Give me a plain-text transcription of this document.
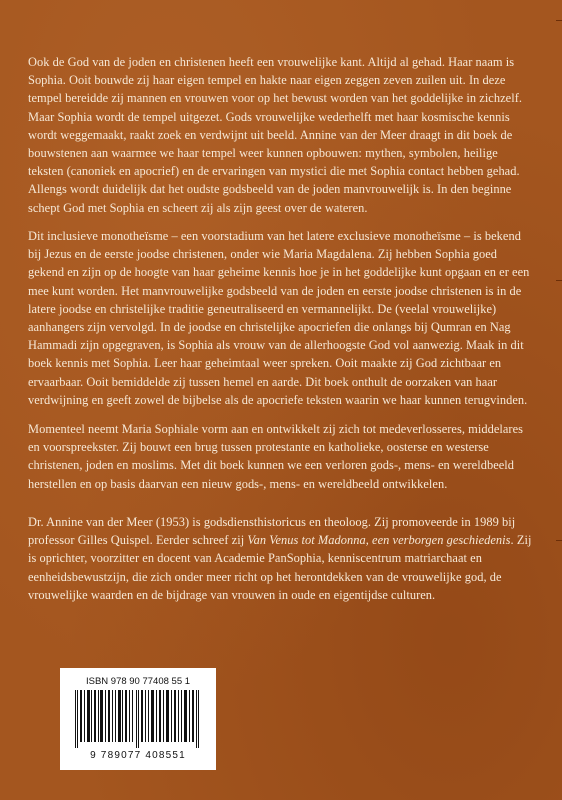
Ook de God van de joden en christenen heeft een vrouwelijke kant. Altijd al gehad. Haar naam is Sophia. Ooit bouwde zij haar eigen tempel en hakte naar eigen zeggen zeven zuilen uit. In deze tempel bereidde zij mannen en vrouwen voor op het bewust worden van het goddelijke in zichzelf. Maar Sophia wordt de tempel uitgezet. Gods vrouwelijke wederhelft met haar kosmische kennis wordt weggemaakt, raakt zoek en verdwijnt uit beeld. Annine van der Meer draagt in dit boek de bouwstenen aan waarmee we haar tempel weer kunnen opbouwen: mythen, symbolen, heilige teksten (canoniek en apocrief) en de ervaringen van mystici die met Sophia contact hebben gehad. Allengs wordt duidelijk dat het oudste godsbeeld van de joden manvrouwelijk is. In den beginne schept God met Sophia en scheert zij als zijn geest over de wateren.

Dit inclusieve monotheïsme – een voorstadium van het latere exclusieve monotheïsme – is bekend bij Jezus en de eerste joodse christenen, onder wie Maria Magdalena. Zij hebben Sophia goed gekend en zijn op de hoogte van haar geheime kennis hoe je in het goddelijke kunt opgaan en er een mee kunt worden. Het manvrouwelijke godsbeeld van de joden en eerste joodse christenen is in de latere joodse en christelijke traditie geneutraliseerd en vermannelijkt. De (veelal vrouwelijke) aanhangers zijn vervolgd. In de joodse en christelijke apocriefen die onlangs bij Qumran en Nag Hammadi zijn opgegraven, is Sophia als vrouw van de allerhoogste God vol aanwezig. Maak in dit boek kennis met Sophia. Leer haar geheimtaal weer spreken. Ooit maakte zij God zichtbaar en ervaarbaar. Ooit bemiddelde zij tussen hemel en aarde. Dit boek onthult de oorzaken van haar verdwijning en geeft zowel de bijbelse als de apocriefe teksten waarin we haar kunnen terugvinden.

Momenteel neemt Maria Sophiale vorm aan en ontwikkelt zij zich tot medeverlosseres, middelares en voorspreekster. Zij bouwt een brug tussen protestante en katholieke, oosterse en westerse christenen, joden en moslims. Met dit boek kunnen we een verloren gods-, mens- en wereldbeeld herstellen en op basis daarvan een nieuw gods-, mens- en wereldbeeld ontwikkelen.

Dr. Annine van der Meer (1953) is godsdiensthistoricus en theoloog. Zij promoveerde in 1989 bij professor Gilles Quispel. Eerder schreef zij Van Venus tot Madonna, een verborgen geschiedenis. Zij is oprichter, voorzitter en docent van Academie PanSophia, kenniscentrum matriarchaat en eenheidsbewustzijn, die zich onder meer richt op het herontdekken van de vrouwelijke god, de vrouwelijke waarden en de bijdrage van vrouwen in oude en eigentijdse culturen.

ISBN 978 90 77408 55 1
9 789077 408551
